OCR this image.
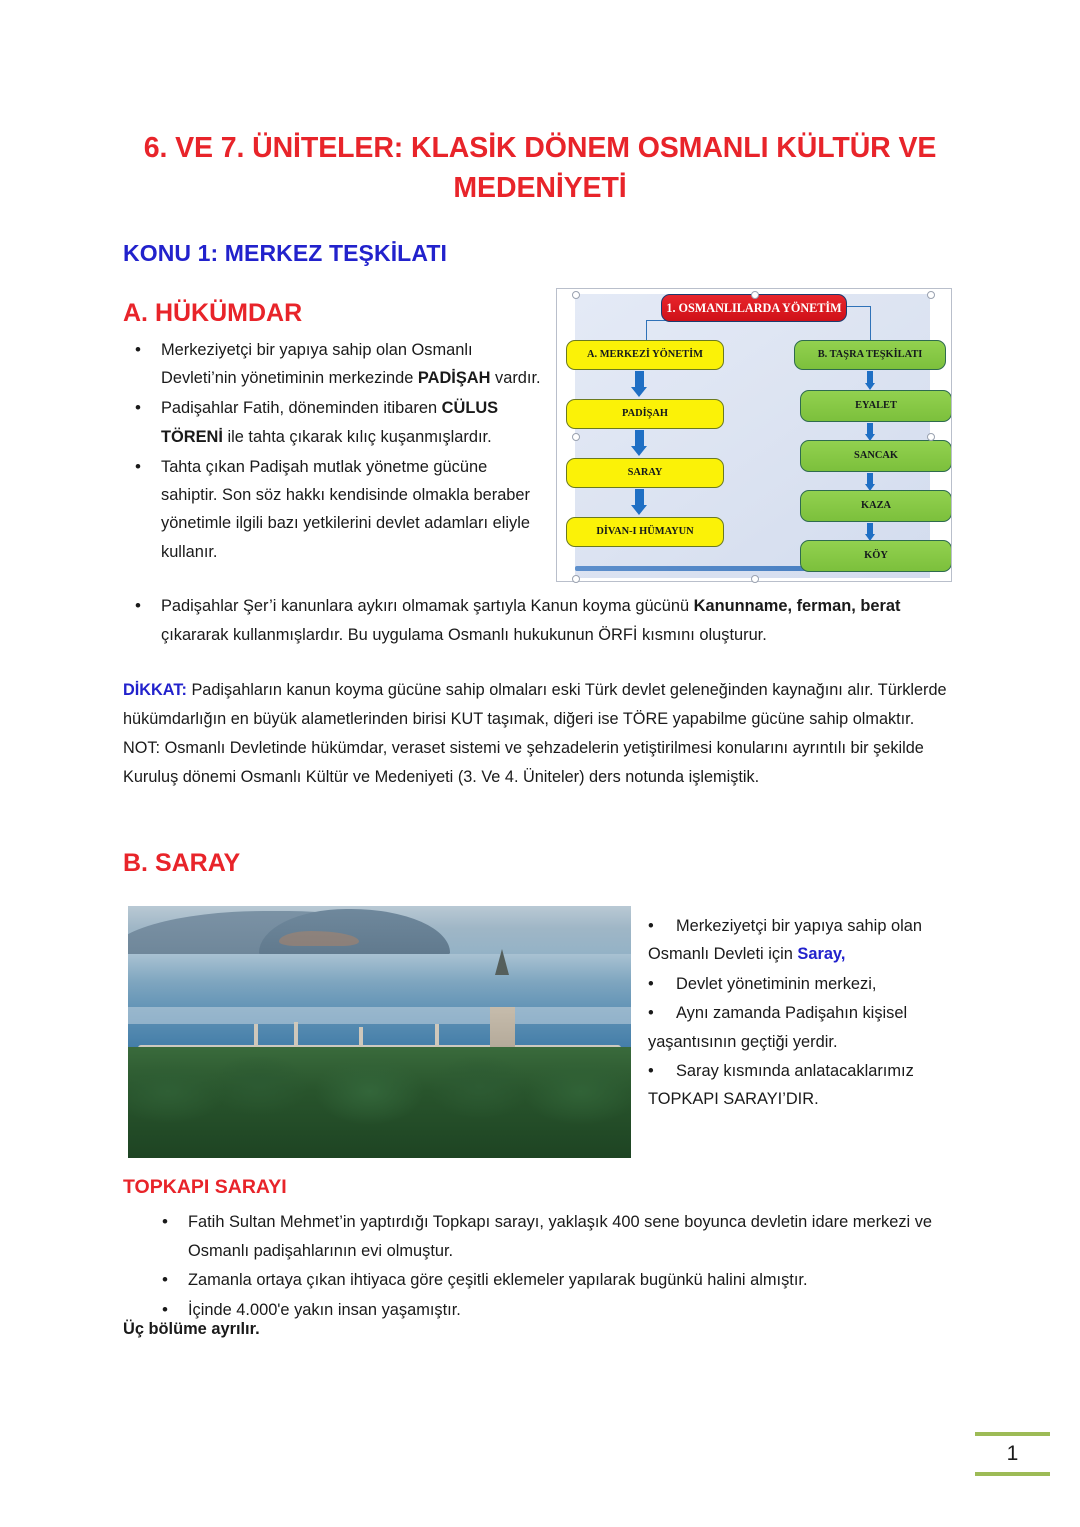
6. VE 7. ÜNİTELER: KLASİK DÖNEM OSMANLI KÜLTÜR VE MEDENİYETİ
KONU 1: MERKEZ TEŞKİLATI
A. HÜKÜMDAR
• Merkeziyetçi bir yapıya sahip olan Osmanlı Devleti’nin yönetiminin merkezinde PADİŞAH vardır.
• Padişahlar Fatih, döneminden itibaren CÜLUS TÖRENİ ile tahta çıkarak kılıç kuşanmışlardır.
• Tahta çıkan Padişah mutlak yönetme gücüne sahiptir. Son söz hakkı kendisinde olmakla beraber yönetimle ilgili bazı yetkilerini devlet adamları eliyle kullanır.
• Padişahlar Şer’i kanunlara aykırı olmamak şartıyla Kanun koyma gücünü Kanunname, ferman, berat çıkararak kullanmışlardır. Bu uygulama Osmanlı hukukunun ÖRFİ kısmını oluşturur.

DİKKAT: Padişahların kanun koyma gücüne sahip olmaları eski Türk devlet geleneğinden kaynağını alır. Türklerde hükümdarlığın en büyük alametlerinden birisi KUT taşımak, diğeri ise TÖRE yapabilme gücüne sahip olmaktır.

NOT: Osmanlı Devletinde hükümdar, veraset sistemi ve şehzadelerin yetiştirilmesi konularını ayrıntılı bir şekilde Kuruluş dönemi Osmanlı Kültür ve Medeniyeti (3. Ve 4. Üniteler) ders notunda işlemiştik.

1. OSMANLILARDA YÖNETİM
A. MERKEZİ YÖNETİM
PADİŞAH
SARAY
DİVAN-I HÜMAYUN
B. TAŞRA TEŞKİLATI
EYALET
SANCAK
KAZA
KÖY
B. SARAY

• Merkeziyetçi bir yapıya sahip olan Osmanlı Devleti için Saray,

• Devlet yönetiminin merkezi,

• Aynı zamanda Padişahın kişisel yaşantısının geçtiği yerdir.

• Saray kısmında anlatacaklarımız TOPKAPI SARAYI’DIR.

TOPKAPI SARAYI
• Fatih Sultan Mehmet’in yaptırdığı Topkapı sarayı, yaklaşık 400 sene boyunca devletin idare merkezi ve Osmanlı padişahlarının evi olmuştur.
• Zamanla ortaya çıkan ihtiyaca göre çeşitli eklemeler yapılarak bugünkü halini almıştır.
• İçinde 4.000'e yakın insan yaşamıştır.
Üç bölüme ayrılır.
1
